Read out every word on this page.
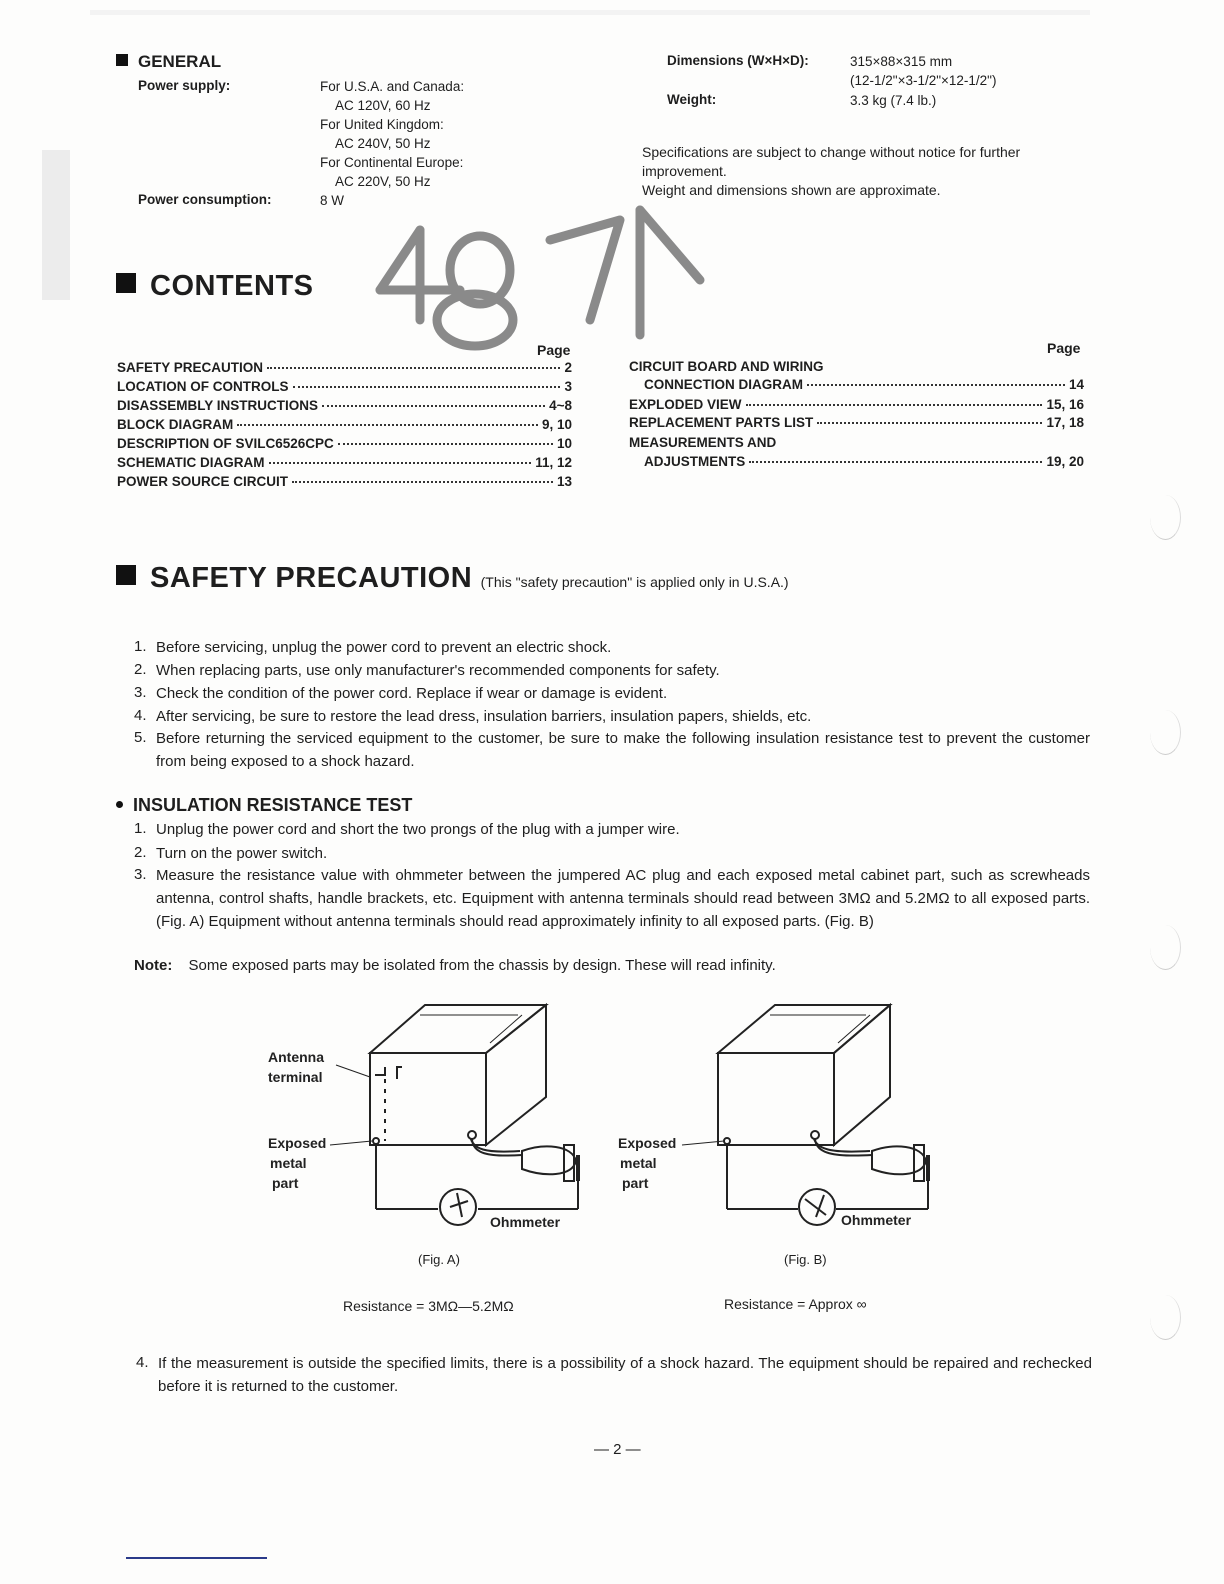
GENERAL
Power supply:	For U.S.A. and Canada:
AC 120V, 60 Hz
For United Kingdom:
AC 240V, 50 Hz
For Continental Europe:
AC 220V, 50 Hz
Power consumption:	8 W
Dimensions (W×H×D):	315×88×315 mm
(12-1/2"×3-1/2"×12-1/2")
Weight:	3.3 kg (7.4 lb.)
Specifications are subject to change without notice for further
improvement.
Weight and dimensions shown are approximate.
CONTENTS
Page	Page
SAFETY PRECAUTION	2
LOCATION OF CONTROLS	3
DISASSEMBLY INSTRUCTIONS	4~8
BLOCK DIAGRAM	9, 10
DESCRIPTION OF SVILC6526CPC	10
SCHEMATIC DIAGRAM	11, 12
POWER SOURCE CIRCUIT	13
CIRCUIT BOARD AND WIRING
CONNECTION DIAGRAM	14
EXPLODED VIEW	15, 16
REPLACEMENT PARTS LIST	17, 18
MEASUREMENTS AND
ADJUSTMENTS	19, 20
SAFETY PRECAUTION (This "safety precaution" is applied only in U.S.A.)
1. Before servicing, unplug the power cord to prevent an electric shock.
2. When replacing parts, use only manufacturer's recommended components for safety.
3. Check the condition of the power cord. Replace if wear or damage is evident.
4. After servicing, be sure to restore the lead dress, insulation barriers, insulation papers, shields, etc.
5. Before returning the serviced equipment to the customer, be sure to make the following insulation resistance test to prevent the customer from being exposed to a shock hazard.
INSULATION RESISTANCE TEST
1. Unplug the power cord and short the two prongs of the plug with a jumper wire.
2. Turn on the power switch.
3. Measure the resistance value with ohmmeter between the jumpered AC plug and each exposed metal cabinet part, such as screwheads antenna, control shafts, handle brackets, etc. Equipment with antenna terminals should read between 3MΩ and 5.2MΩ to all exposed parts. (Fig. A) Equipment without antenna terminals should read approximately infinity to all exposed parts. (Fig. B)
Note: Some exposed parts may be isolated from the chassis by design. These will read infinity.
Antenna
terminal
Exposed
metal
part
Ohmmeter
(Fig. A)
Resistance = 3MΩ—5.2MΩ
Exposed
metal
part
Ohmmeter
(Fig. B)
Resistance = Approx ∞
4. If the measurement is outside the specified limits, there is a possibility of a shock hazard. The equipment should be repaired and rechecked before it is returned to the customer.
— 2 —
